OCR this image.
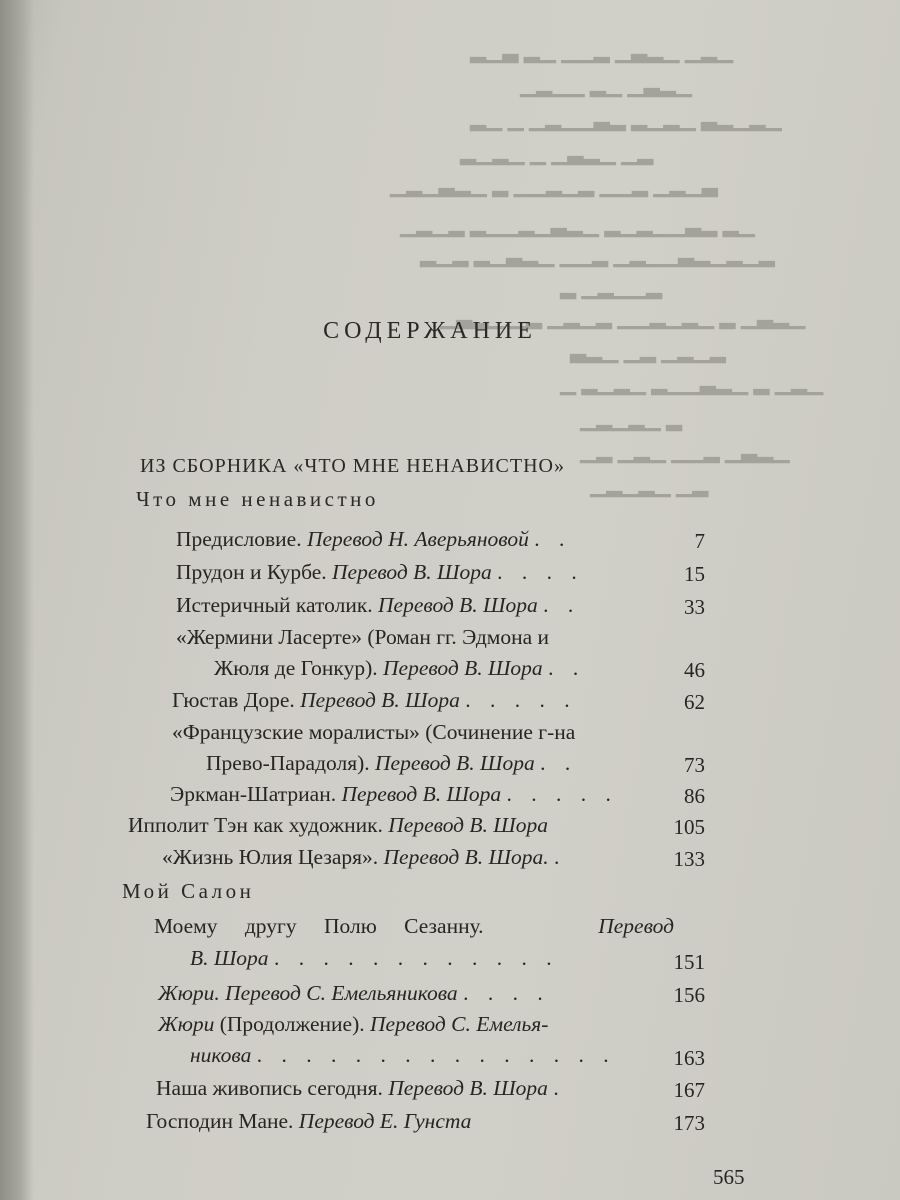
▁▂▁ ▁▂▃▁ ▂▁▁ ▁▂ ▃▁▂
▁▂▃▁ ▁▂ ▁▁▂▁
▁▂▁▂▃ ▁▂▁▂ ▂▃▁▁▂▁ ▁ ▁▂
▂▁ ▁▂▃▁ ▁ ▁▂▁▂
▃▁▂▁ ▂▁▁ ▂▁▂▁▁ ▂ ▁▂▃▁▂▁
▁▂ ▂▃▁▁▂▁▂ ▁▂▃▁▂▁▁▂ ▂▁▂▁
▂▁▂▁▂▃▁▁▂▁ ▂▁▁ ▁▂▃▁▂ ▂▁▂
▂▁▁▂▁ ▂
▁▂▃▁ ▂ ▁▂▁▂▁▁ ▂▁▂▁ ▂▁ ▁▂▃▁
▂▁▂▁ ▂▁ ▁▂▃
▁▂▁ ▂ ▁▂▃▁▁▂ ▁▂▁▂ ▁
▂ ▁▂▁▂▁
▁▂▃▁ ▂▁▁ ▁▂▁ ▂▁
▂▁ ▁▂▁▂▁
СОДЕРЖАНИЕ
ИЗ СБОРНИКА «ЧТО МНЕ НЕНАВИСТНО»
Что мне ненавистно
Предисловие. Перевод Н. Аверьяновой . .	7
Прудон и Курбе. Перевод В. Шора . . . .	15
Истеричный католик. Перевод В. Шора . .	33
«Жермини Ласерте» (Роман гг. Эдмона и
Жюля де Гонкур). Перевод В. Шора . .	46
Гюстав Доре. Перевод В. Шора . . . . .	62
«Французские моралисты» (Сочинение г-на
Прево-Парадоля). Перевод В. Шора . .	73
Эркман-Шатриан. Перевод В. Шора . . . . .	86
Ипполит Тэн как художник. Перевод В. Шора	105
«Жизнь Юлия Цезаря». Перевод В. Шора. .	133
Мой Салон
Моему другу Полю Сезанну.	Перевод
В. Шора . . . . . . . . . . . .	151
Жюри. Перевод С. Емельяникова . . . .	156
Жюри (Продолжение). Перевод С. Емелья-
никова . . . . . . . . . . . . . . .	163
Наша живопись сегодня. Перевод В. Шора .	167
Господин Мане. Перевод Е. Гунста	173
565
